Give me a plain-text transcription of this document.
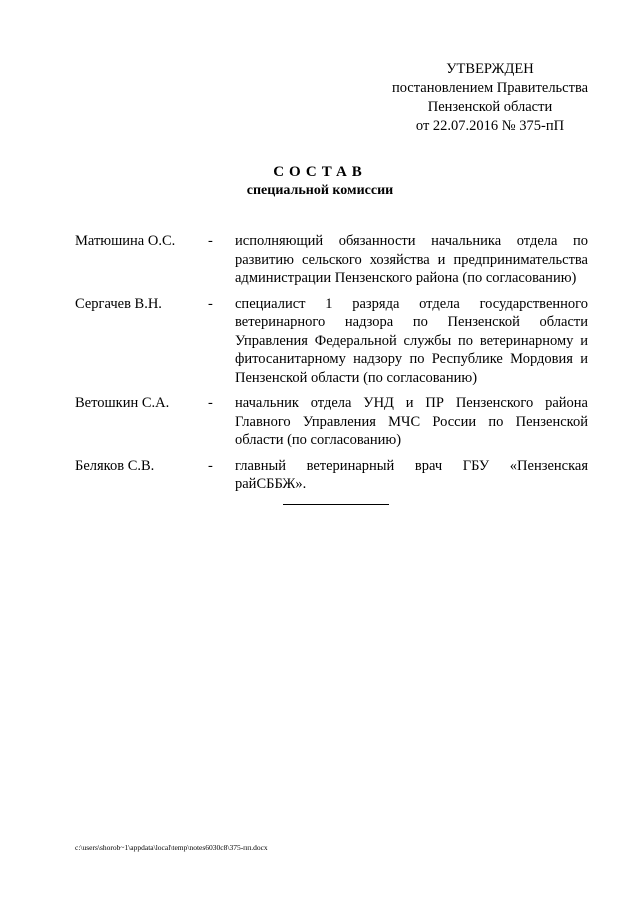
УТВЕРЖДЕН
постановлением Правительства
Пензенской области
от 22.07.2016 № 375-пП
СОСТАВ
специальной комиссии
Матюшина О.С.	-	исполняющий обязанности начальника отдела по развитию сельского хозяйства и предпринимательства администрации Пензенского района (по согласованию)
Сергачев В.Н.	-	специалист 1 разряда отдела государственного ветеринарного надзора по Пензенской области Управления Федеральной службы по ветеринарному и фитосанитарному надзору по Республике Мордовия и Пензенской области (по согласованию)
Ветошкин С.А.	-	начальник отдела УНД и ПР Пензенского района Главного Управления МЧС России по Пензенской области (по согласованию)
Беляков С.В.	-	главный ветеринарный врач ГБУ «Пензенская райСББЖ».
c:\users\shorob~1\appdata\local\temp\notes6030c8\375-пп.docx
